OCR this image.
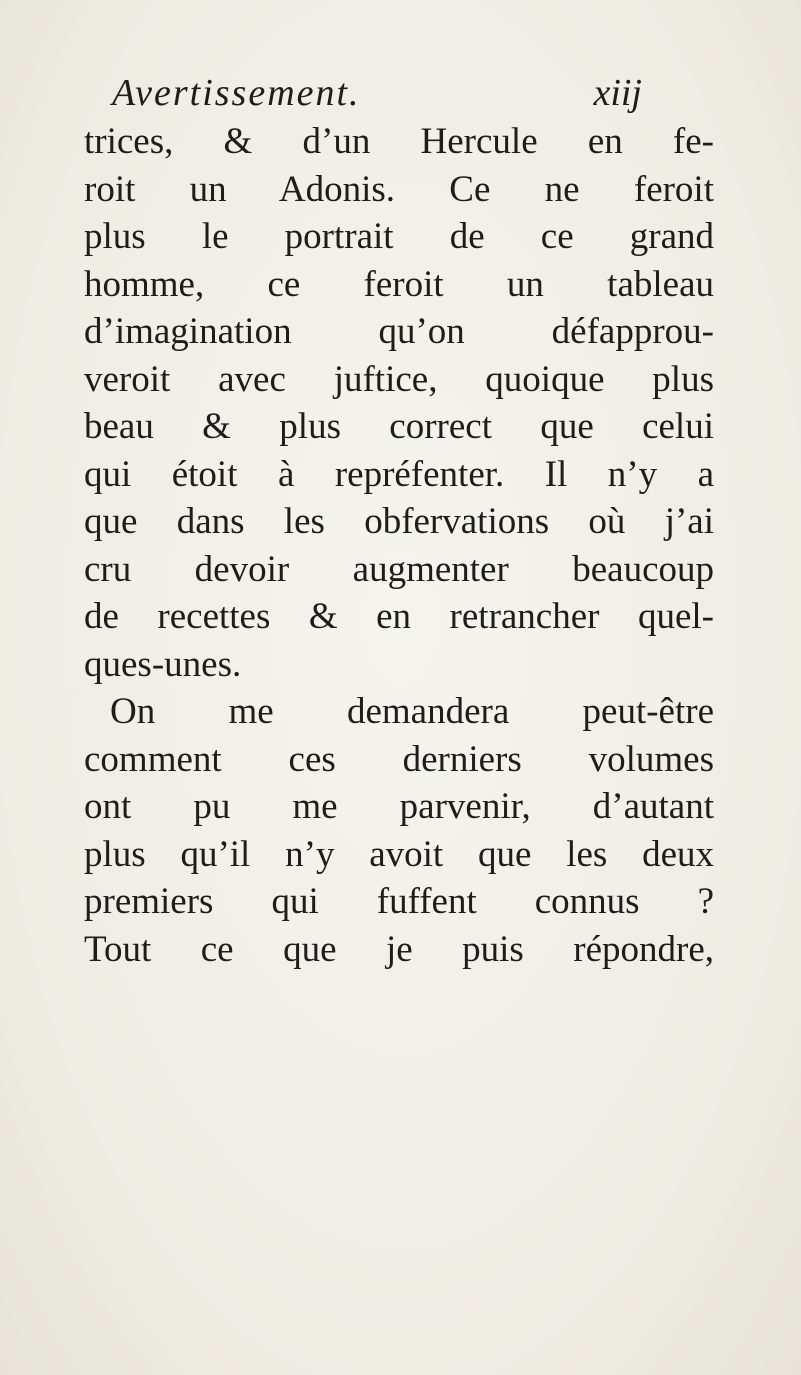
Avertissement.	xiij
trices, & d’un Hercule en fe-
roit un Adonis. Ce ne feroit
plus le portrait de ce grand
homme, ce feroit un tableau
d’imagination qu’on défapprou-
veroit avec juftice, quoique plus
beau & plus correct que celui
qui étoit à repréfenter. Il n’y a
que dans les obfervations où j’ai
cru devoir augmenter beaucoup
de recettes & en retrancher quel-
ques-unes.
On me demandera peut-être
comment ces derniers volumes
ont pu me parvenir, d’autant
plus qu’il n’y avoit que les deux
premiers qui fuffent connus ?
Tout ce que je puis répondre,
